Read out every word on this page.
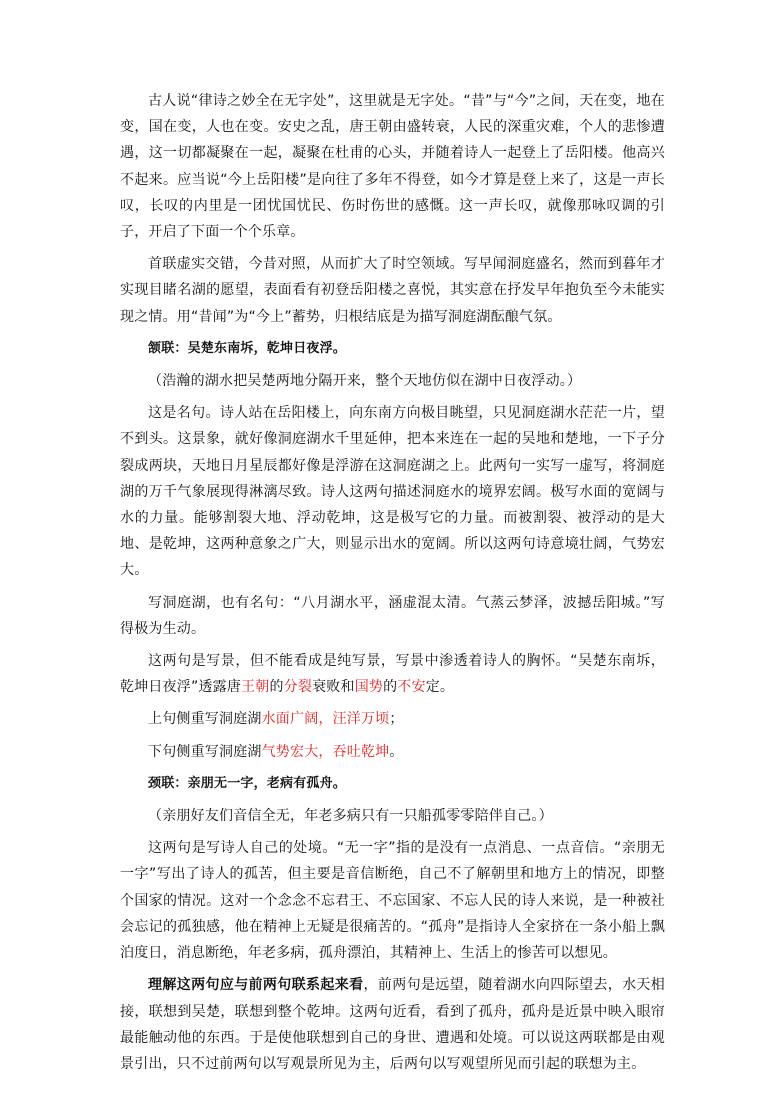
古人说“律诗之妙全在无字处”，这里就是无字处。“昔”与“今”之间，天在变，地在变，国在变，人也在变。安史之乱，唐王朝由盛转衰，人民的深重灾难，个人的悲惨遭遇，这一切都凝聚在一起，凝聚在杜甫的心头，并随着诗人一起登上了岳阳楼。他高兴不起来。应当说“今上岳阳楼”是向往了多年不得登，如今才算是登上来了，这是一声长叹，长叹的内里是一团忧国忧民、伤时伤世的感慨。这一声长叹，就像那咏叹调的引子，开启了下面一个个乐章。

首联虚实交错，今昔对照，从而扩大了时空领域。写早闻洞庭盛名，然而到暮年才实现目睹名湖的愿望，表面看有初登岳阳楼之喜悦，其实意在抒发早年抱负至今未能实现之情。用“昔闻”为“今上”蓄势，归根结底是为描写洞庭湖酝酿气氛。

颔联：吴楚东南坼，乾坤日夜浮。

（浩瀚的湖水把吴楚两地分隔开来，整个天地仿似在湖中日夜浮动。）

这是名句。诗人站在岳阳楼上，向东南方向极目眺望，只见洞庭湖水茫茫一片，望不到头。这景象，就好像洞庭湖水千里延伸，把本来连在一起的吴地和楚地，一下子分裂成两块，天地日月星辰都好像是浮游在这洞庭湖之上。此两句一实写一虚写，将洞庭湖的万千气象展现得淋漓尽致。诗人这两句描述洞庭水的境界宏阔。极写水面的宽阔与水的力量。能够割裂大地、浮动乾坤，这是极写它的力量。而被割裂、被浮动的是大地、是乾坤，这两种意象之广大，则显示出水的宽阔。所以这两句诗意境壮阔，气势宏大。

写洞庭湖，也有名句：“八月湖水平，涵虚混太清。气蒸云梦泽，波撼岳阳城。”写得极为生动。

这两句是写景，但不能看成是纯写景，写景中渗透着诗人的胸怀。“吴楚东南坼，乾坤日夜浮”透露唐王朝的分裂衰败和国势的不安定。

上句侧重写洞庭湖水面广阔，汪洋万顷；

下句侧重写洞庭湖气势宏大，吞吐乾坤。

颈联：亲朋无一字，老病有孤舟。

（亲朋好友们音信全无，年老多病只有一只船孤零零陪伴自己。）

这两句是写诗人自己的处境。“无一字”指的是没有一点消息、一点音信。“亲朋无一字”写出了诗人的孤苦，但主要是音信断绝，自己不了解朝里和地方上的情况，即整个国家的情况。这对一个念念不忘君王、不忘国家、不忘人民的诗人来说，是一种被社会忘记的孤独感，他在精神上无疑是很痛苦的。“孤舟”是指诗人全家挤在一条小船上飘泊度日，消息断绝，年老多病，孤舟漂泊，其精神上、生活上的惨苦可以想见。

理解这两句应与前两句联系起来看，前两句是远望，随着湖水向四际望去，水天相接，联想到吴楚，联想到整个乾坤。这两句近看，看到了孤舟，孤舟是近景中映入眼帘最能触动他的东西。于是使他联想到自己的身世、遭遇和处境。可以说这两联都是由观景引出，只不过前两句以写观景所见为主，后两句以写观望所见而引起的联想为主。
